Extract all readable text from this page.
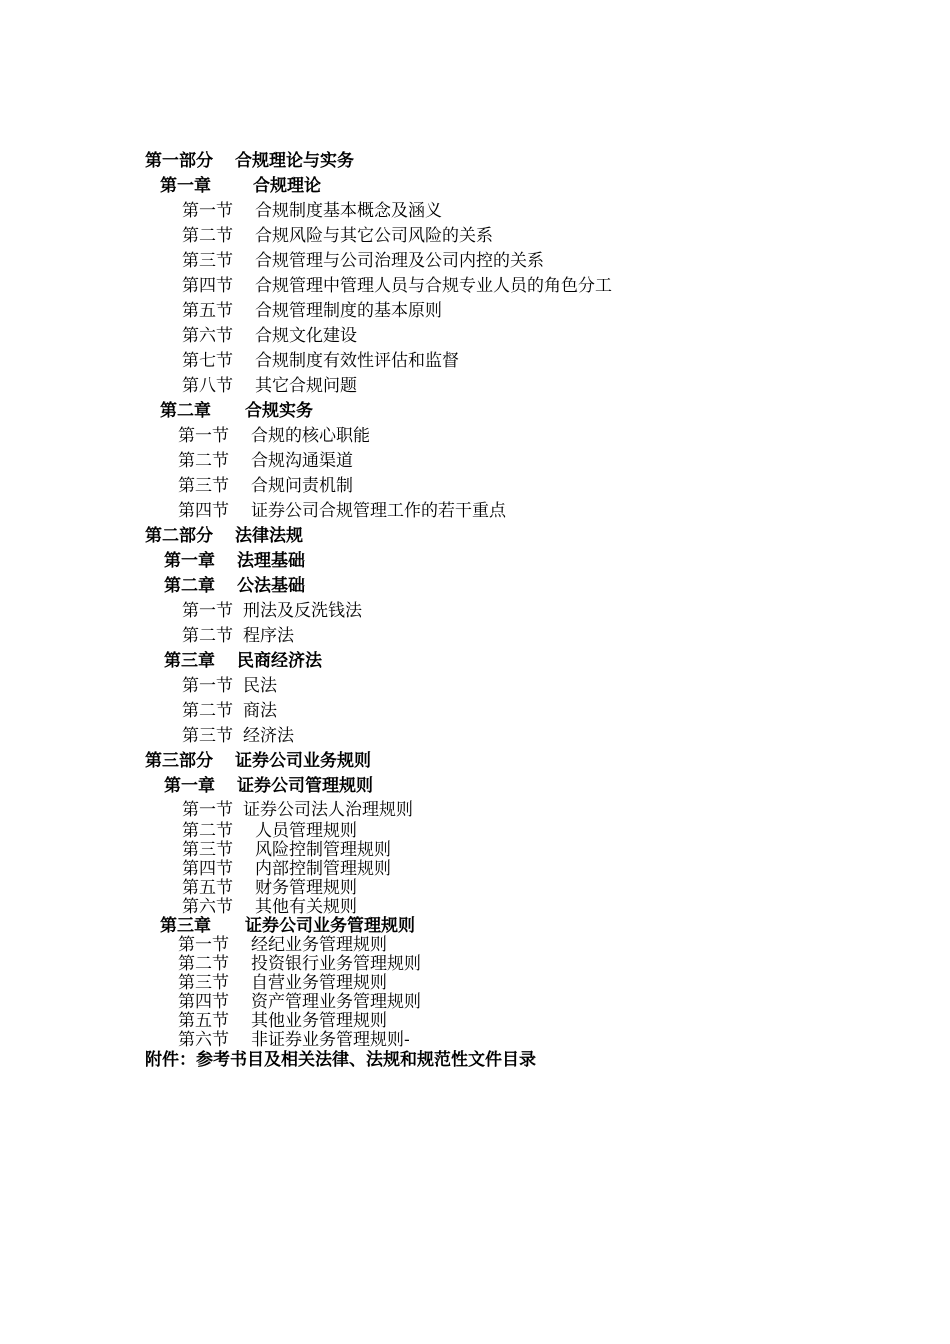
第一部分 合规理论与实务
第一章 合规理论
第一节 合规制度基本概念及涵义
第二节 合规风险与其它公司风险的关系
第三节 合规管理与公司治理及公司内控的关系
第四节 合规管理中管理人员与合规专业人员的角色分工
第五节 合规管理制度的基本原则
第六节 合规文化建设
第七节 合规制度有效性评估和监督
第八节 其它合规问题
第二章 合规实务
第一节 合规的核心职能
第二节 合规沟通渠道
第三节 合规问责机制
第四节 证券公司合规管理工作的若干重点
第二部分 法律法规
第一章 法理基础
第二章 公法基础
第一节 刑法及反洗钱法
第二节 程序法
第三章 民商经济法
第一节 民法
第二节 商法
第三节 经济法
第三部分 证券公司业务规则
第一章 证券公司管理规则
第一节 证券公司法人治理规则
第二节 人员管理规则
第三节 风险控制管理规则
第四节 内部控制管理规则
第五节 财务管理规则
第六节 其他有关规则
第三章 证券公司业务管理规则
第一节 经纪业务管理规则
第二节 投资银行业务管理规则
第三节 自营业务管理规则
第四节 资产管理业务管理规则
第五节 其他业务管理规则
第六节 非证券业务管理规则-
附件：参考书目及相关法律、法规和规范性文件目录
